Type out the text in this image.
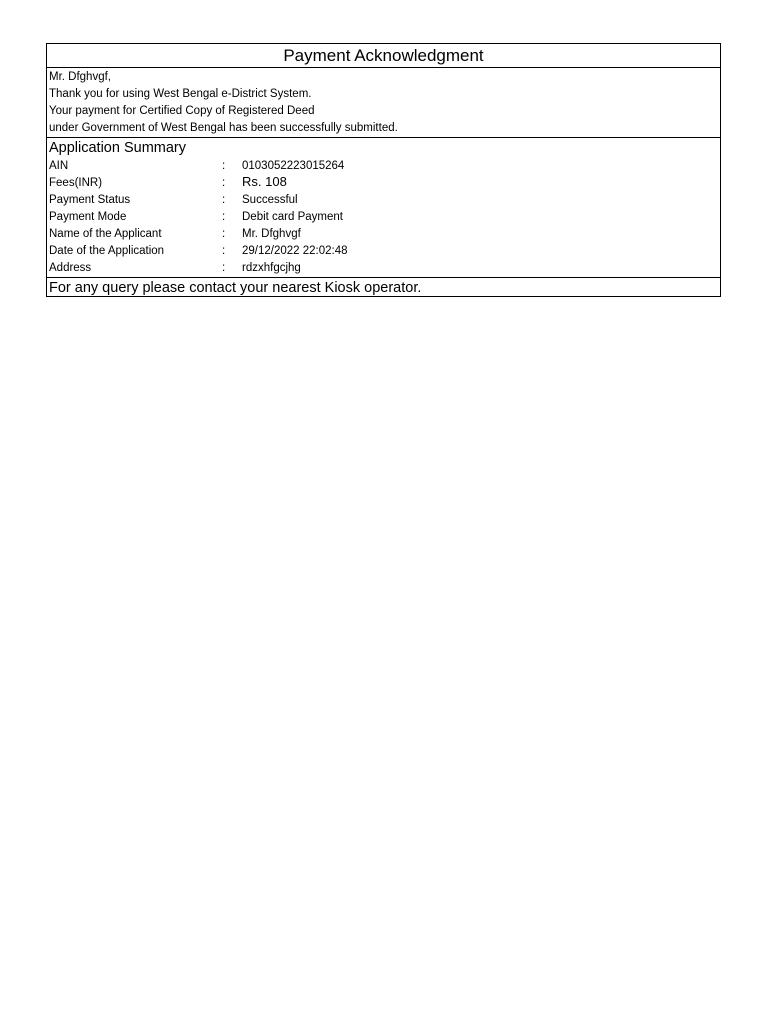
Payment Acknowledgment
Mr. Dfghvgf,
Thank you for using West Bengal e-District System.
Your payment for Certified Copy of Registered Deed
under Government of West Bengal has been successfully submitted.
Application Summary
AIN	:	0103052223015264
Fees(INR)	:	Rs. 108
Payment Status	:	Successful
Payment Mode	:	Debit card Payment
Name of the Applicant	:	Mr. Dfghvgf
Date of the Application	:	29/12/2022 22:02:48
Address	:	rdzxhfgcjhg
For any query please contact your nearest Kiosk operator.
